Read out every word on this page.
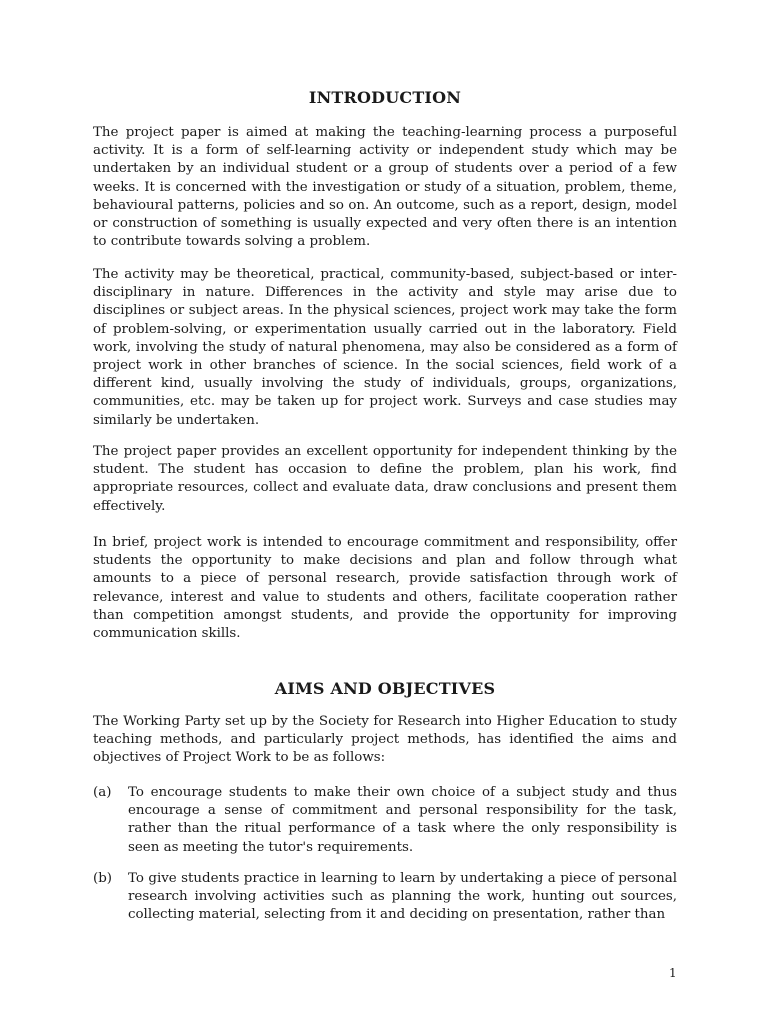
INTRODUCTION

The project paper is aimed at making the teaching-learning process a purposeful activity. It is a form of self-learning activity or independent study which may be undertaken by an individual student or a group of students over a period of a few weeks. It is concerned with the investigation or study of a situation, problem, theme, behavioural patterns, policies and so on. An outcome, such as a report, design, model or construction of something is usually expected and very often there is an intention to contribute towards solving a problem.

The activity may be theoretical, practical, community-based, subject-based or inter-disciplinary in nature. Differences in the activity and style may arise due to disciplines or subject areas. In the physical sciences, project work may take the form of problem-solving, or experimentation usually carried out in the laboratory. Field work, involving the study of natural phenomena, may also be considered as a form of project work in other branches of science. In the social sciences, field work of a different kind, usually involving the study of individuals, groups, organizations, communities, etc. may be taken up for project work. Surveys and case studies may similarly be undertaken.

The project paper provides an excellent opportunity for independent thinking by the student. The student has occasion to define the problem, plan his work, find appropriate resources, collect and evaluate data, draw conclusions and present them effectively.

In brief, project work is intended to encourage commitment and responsibility, offer students the opportunity to make decisions and plan and follow through what amounts to a piece of personal research, provide satisfaction through work of relevance, interest and value to students and others, facilitate cooperation rather than competition amongst students, and provide the opportunity for improving communication skills.

AIMS AND OBJECTIVES

The Working Party set up by the Society for Research into Higher Education to study teaching methods, and particularly project methods, has identified the aims and objectives of Project Work to be as follows:

(a)	To encourage students to make their own choice of a subject study and thus encourage a sense of commitment and personal responsibility for the task, rather than the ritual performance of a task where the only responsibility is seen as meeting the tutor's requirements.

(b)	To give students practice in learning to learn by undertaking a piece of personal research involving activities such as planning the work, hunting out sources, collecting material, selecting from it and deciding on presentation, rather than

1
